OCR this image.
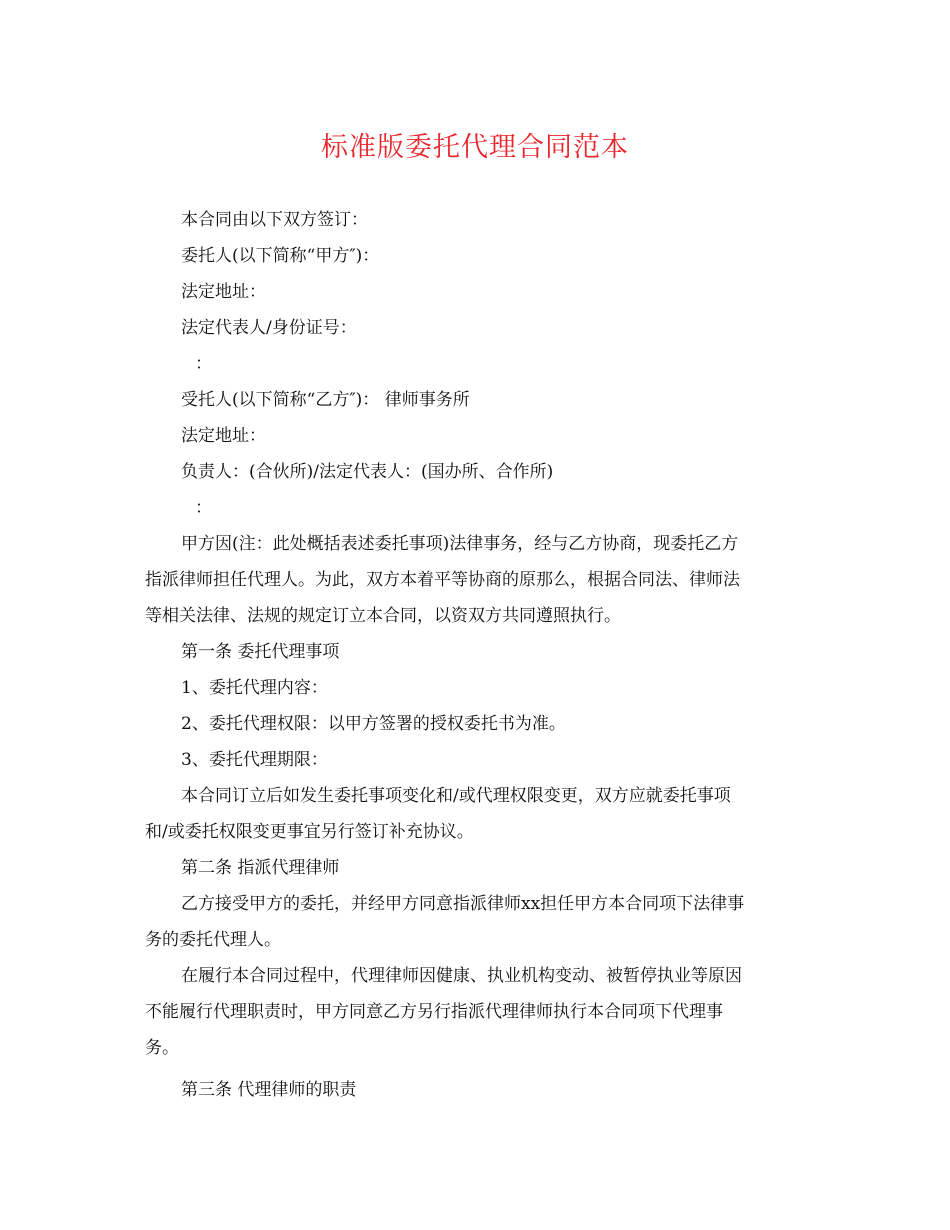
标准版委托代理合同范本
本合同由以下双方签订：
委托人(以下简称“甲方″)：
法定地址：
法定代表人/身份证号：
：
受托人(以下简称“乙方″)： 律师事务所
法定地址：
负责人：(合伙所)/法定代表人：(国办所、合作所)
：
甲方因(注：此处概括表述委托事项)法律事务，经与乙方协商，现委托乙方
指派律师担任代理人。为此，双方本着平等协商的原那么，根据合同法、律师法
等相关法律、法规的规定订立本合同，以资双方共同遵照执行。
第一条 委托代理事项
1、委托代理内容：
2、委托代理权限：以甲方签署的授权委托书为准。
3、委托代理期限：
本合同订立后如发生委托事项变化和/或代理权限变更，双方应就委托事项
和/或委托权限变更事宜另行签订补充协议。
第二条 指派代理律师
乙方接受甲方的委托，并经甲方同意指派律师xx担任甲方本合同项下法律事
务的委托代理人。
在履行本合同过程中，代理律师因健康、执业机构变动、被暂停执业等原因
不能履行代理职责时，甲方同意乙方另行指派代理律师执行本合同项下代理事
务。
第三条 代理律师的职责
